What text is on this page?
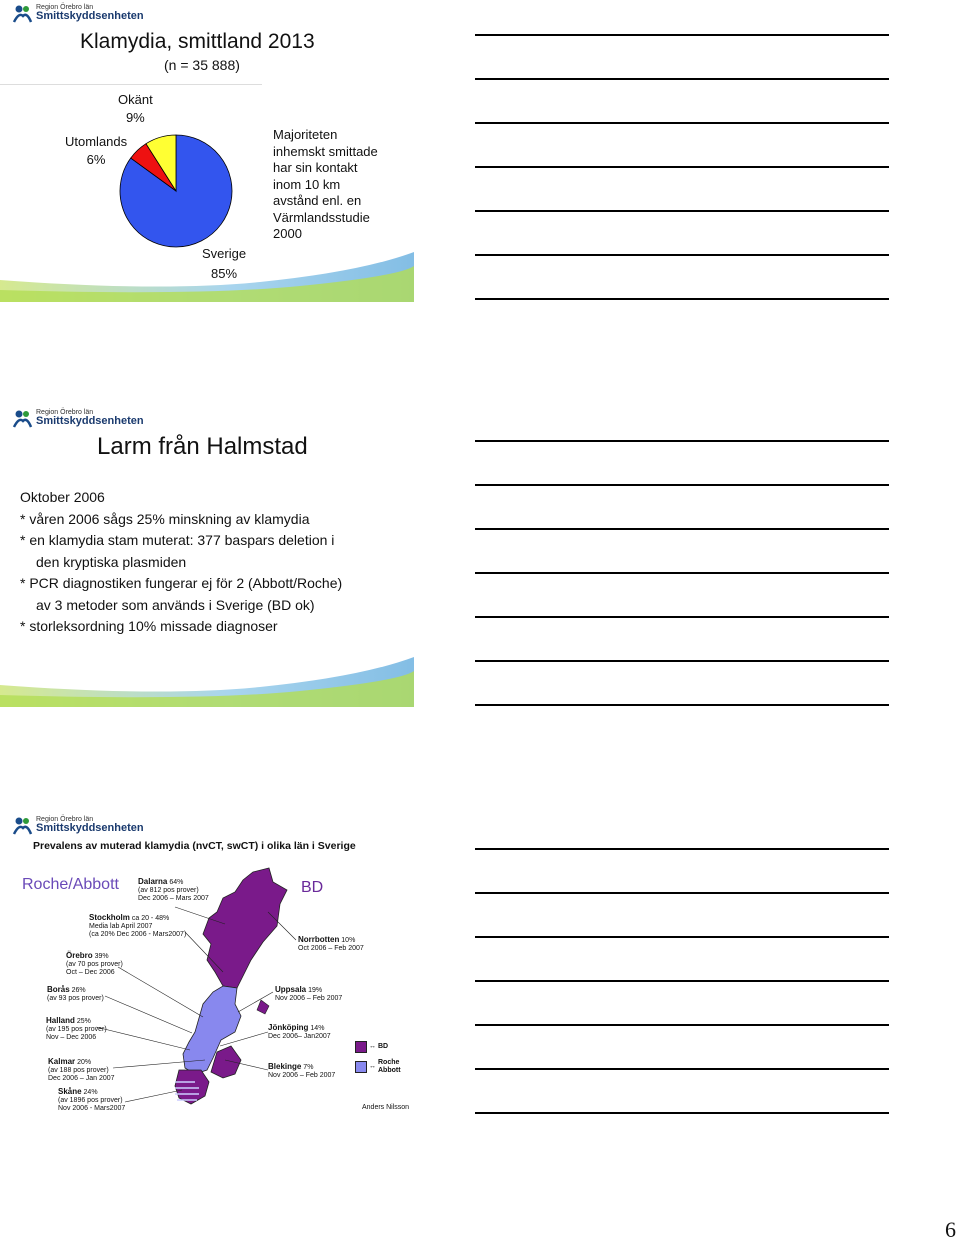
Region Örebro län
Smittskyddsenheten
Klamydia, smittland 2013
(n = 35 888)
Okänt
9%
Utomlands
6%
Sverige
85%
Majoriteten
inhemskt smittade
har sin kontakt
inom 10 km
avstånd enl. en
Värmlandsstudie
2000
Region Örebro län
Smittskyddsenheten
Larm från Halmstad
Oktober 2006
* våren 2006 sågs 25% minskning av klamydia
* en klamydia stam muterat: 377 baspars deletion i
den kryptiska plasmiden
* PCR diagnostiken fungerar ej för 2 (Abbott/Roche)
av 3 metoder som används i Sverige (BD ok)
* storleksordning 10% missade diagnoser
Region Örebro län
Smittskyddsenheten
Prevalens av muterad klamydia (nvCT, swCT) i olika län i Sverige
Roche/Abbott	BD
Dalarna 64%
(av 812 pos prover)
Dec 2006 – Mars 2007
Stockholm ca 20 - 48%
Media lab April 2007
(ca 20% Dec 2006 - Mars2007)
Örebro 39%
(av 70 pos prover)
Oct – Dec 2006
Borås 26%
(av 93 pos prover)
Halland 25%
(av 195 pos prover)
Nov – Dec 2006
Kalmar 20%
(av 188 pos prover)
Dec 2006 – Jan 2007
Skåne 24%
(av 1896 pos prover)
Nov 2006 - Mars2007
Norrbotten 10%
Oct 2006 – Feb 2007
Uppsala 19%
Nov 2006 – Feb 2007
Jönköping 14%
Dec 2006– Jan2007
Blekinge 7%
Nov 2006 – Feb 2007
↔ BD
↔
Roche
Abbott
Anders Nilsson
6
